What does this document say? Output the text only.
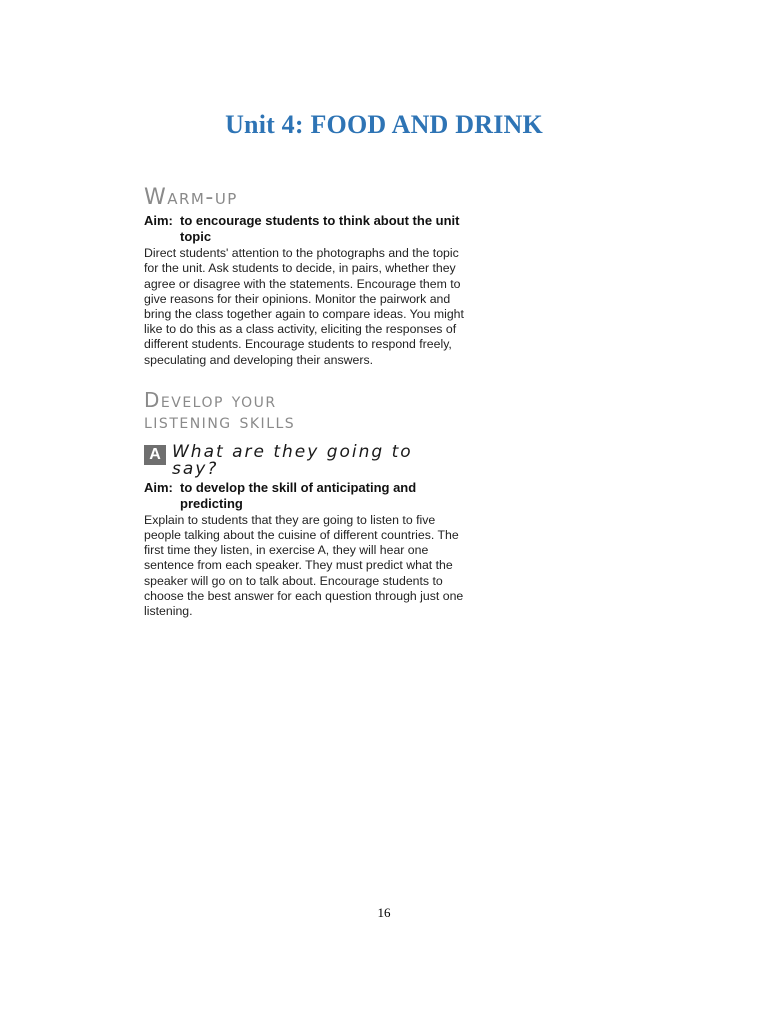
Unit 4: FOOD AND DRINK
Warm-up
Aim: to encourage students to think about the unit topic

Direct students' attention to the photographs and the topic for the unit. Ask students to decide, in pairs, whether they agree or disagree with the statements. Encourage them to give reasons for their opinions. Monitor the pairwork and bring the class together again to compare ideas. You might like to do this as a class activity, eliciting the responses of different students. Encourage students to respond freely, speculating and developing their answers.

Develop your
listening skills
A What are they going to say?
Aim: to develop the skill of anticipating and predicting

Explain to students that they are going to listen to five people talking about the cuisine of different countries. The first time they listen, in exercise A, they will hear one sentence from each speaker. They must predict what the speaker will go on to talk about. Encourage students to choose the best answer for each question through just one listening.

16
